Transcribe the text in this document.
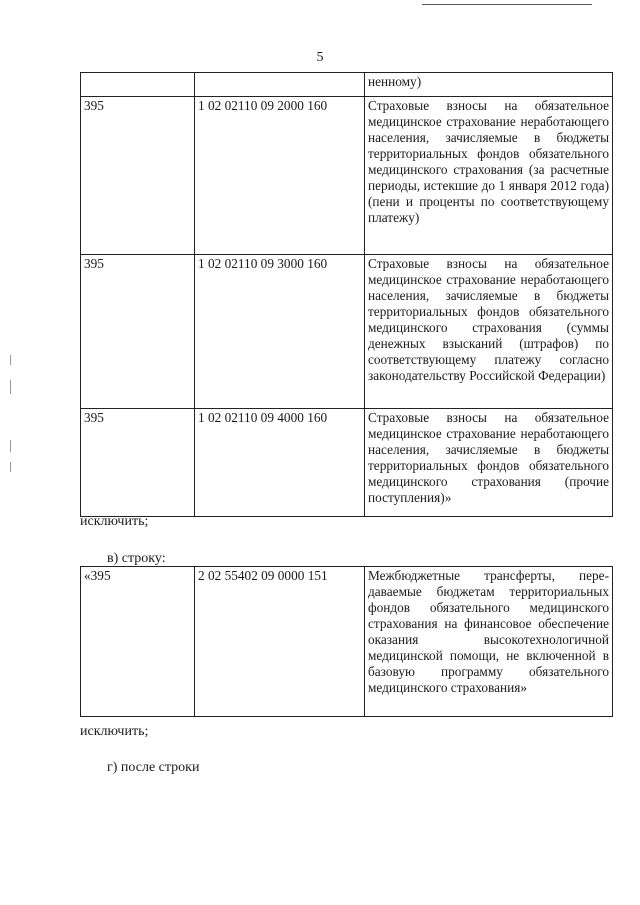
5
		ненному)
395	1 02 02110 09 2000 160	Страховые взносы на обязательное медицинское страхование неработающего населения, зачисляемые в бюджеты территориальных фондов обязательного медицинского страхования (за расчетные периоды, истекшие до 1 января 2012 года) (пени и проценты по соответствующему платежу)
395	1 02 02110 09 3000 160	Страховые взносы на обязательное медицинское страхование неработающего населения, зачисляемые в бюджеты территориальных фондов обязательного медицинского страхования (суммы денежных взысканий (штрафов) по соответствующему платежу согласно законодательству Российской Федерации)
395	1 02 02110 09 4000 160	Страховые взносы на обязательное медицинское страхование неработающего населения, зачисляемые в бюджеты территориальных фондов обязательного медицинского страхования (прочие поступления)»
исключить;
в) строку:
«395	2 02 55402 09 0000 151	Межбюджетные трансферты, передаваемые бюджетам территориальных фондов обязательного медицинского страхования на финансовое обеспечение оказания высокотехнологичной медицинской помощи, не включенной в базовую программу обязательного медицинского страхования»
исключить;
г) после строки
